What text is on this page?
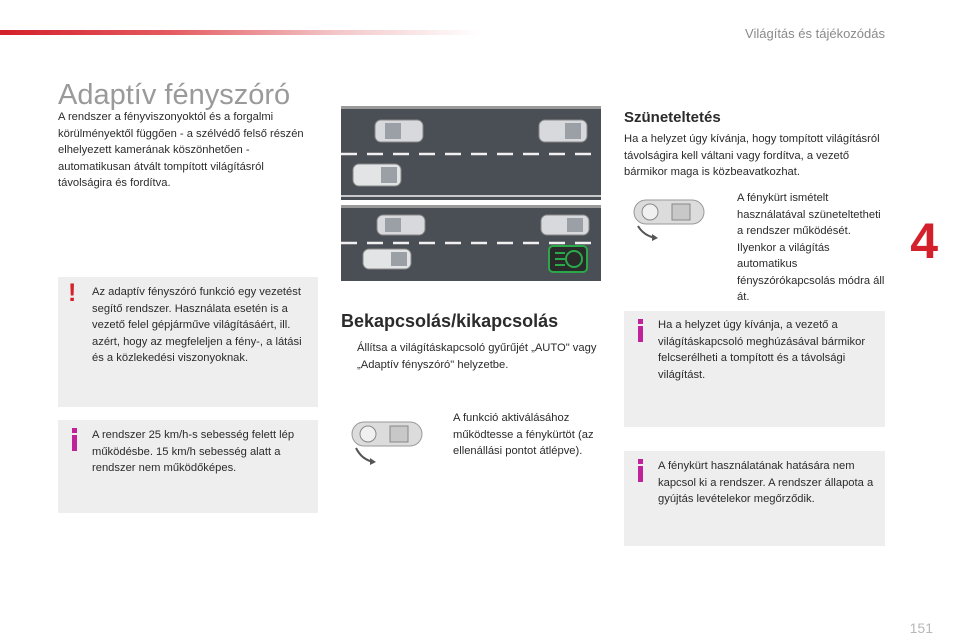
Világítás és tájékozódás
4
Adaptív fényszóró
A rendszer a fényviszonyoktól és a forgalmi körülményektől függően - a szélvédő felső részén elhelyezett kamerának köszönhetően - automatikusan átvált tompított világításról távolságira és fordítva.
! Az adaptív fényszóró funkció egy vezetést segítő rendszer. Használata esetén is a vezető felel gépjárműve világításáért, ill. azért, hogy az megfeleljen a fény-, a látási és a közlekedési viszonyoknak.
A rendszer 25 km/h-s sebesség felett lép működésbe. 15 km/h sebesség alatt a rendszer nem működőképes.
Bekapcsolás/kikapcsolás
Állítsa a világításkapcsoló gyűrűjét „AUTO" vagy „Adaptív fényszóró" helyzetbe.
A funkció aktiválásához működtesse a fénykürtöt (az ellenállási pontot átlépve).
Szüneteltetés
Ha a helyzet úgy kívánja, hogy tompított világításról távolságira kell váltani vagy fordítva, a vezető bármikor maga is közbeavatkozhat.
A fénykürt ismételt használatával szüneteltetheti a rendszer működését. Ilyenkor a világítás automatikus fényszórókapcsolás módra áll át.
Ha a helyzet úgy kívánja, a vezető a világításkapcsoló meghúzásával bármikor felcserélheti a tompított és a távolsági világítást.
A fénykürt használatának hatására nem kapcsol ki a rendszer. A rendszer állapota a gyújtás levételekor megőrződik.
151
